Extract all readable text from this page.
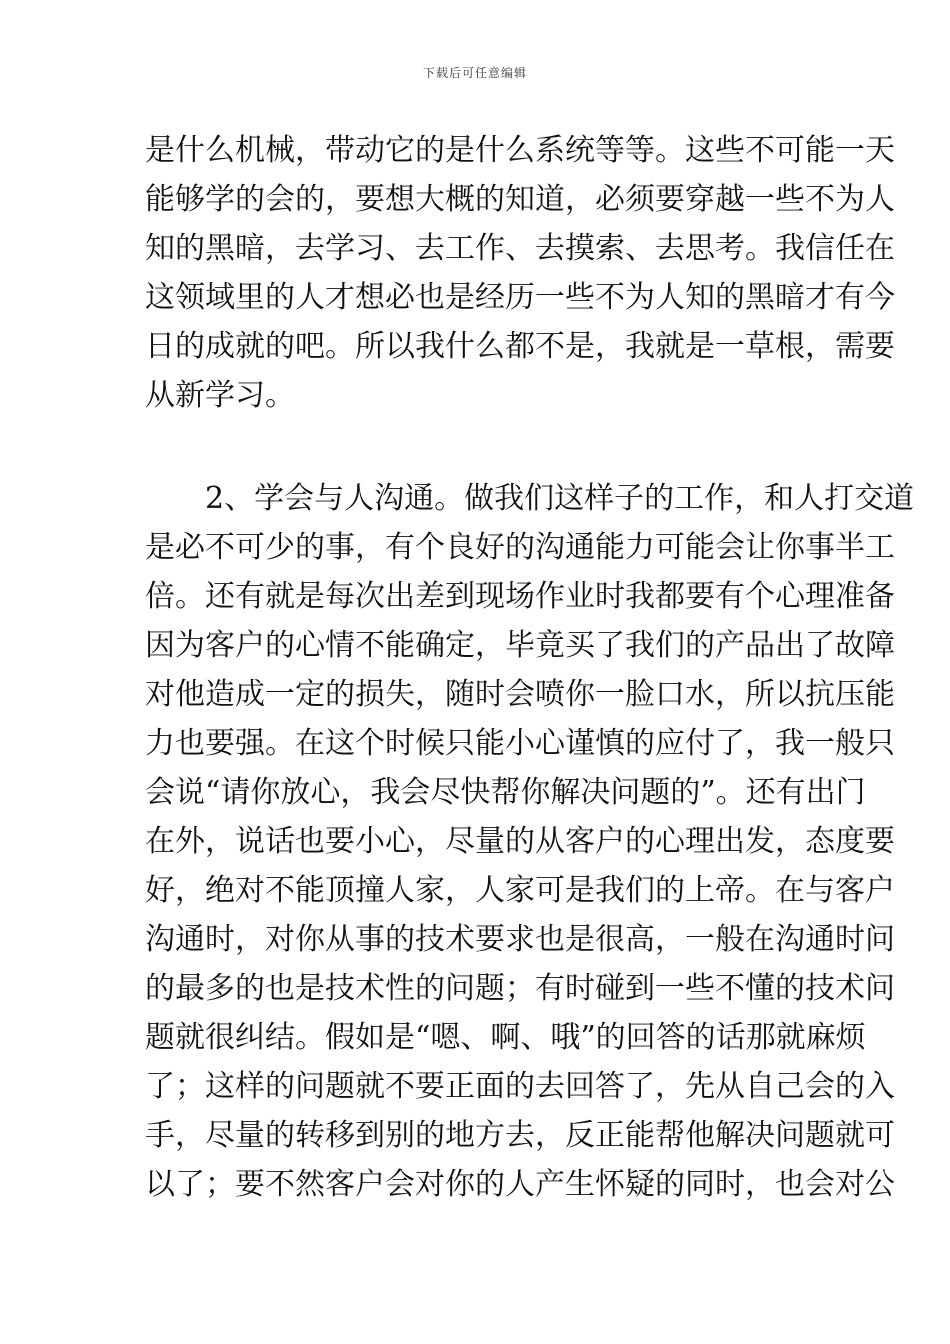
下载后可任意编辑
是什么机械，带动它的是什么系统等等。这些不可能一天
能够学的会的，要想大概的知道，必须要穿越一些不为人
知的黑暗，去学习、去工作、去摸索、去思考。我信任在
这领域里的人才想必也是经历一些不为人知的黑暗才有今
日的成就的吧。所以我什么都不是，我就是一草根，需要
从新学习。
2、学会与人沟通。做我们这样子的工作，和人打交道
是必不可少的事，有个良好的沟通能力可能会让你事半工
倍。还有就是每次出差到现场作业时我都要有个心理准备
因为客户的心情不能确定，毕竟买了我们的产品出了故障
对他造成一定的损失，随时会喷你一脸口水，所以抗压能
力也要强。在这个时候只能小心谨慎的应付了，我一般只
会说“请你放心，我会尽快帮你解决问题的”。还有出门
在外，说话也要小心，尽量的从客户的心理出发，态度要
好，绝对不能顶撞人家，人家可是我们的上帝。在与客户
沟通时，对你从事的技术要求也是很高，一般在沟通时问
的最多的也是技术性的问题；有时碰到一些不懂的技术问
题就很纠结。假如是“嗯、啊、哦”的回答的话那就麻烦
了；这样的问题就不要正面的去回答了，先从自己会的入
手，尽量的转移到别的地方去，反正能帮他解决问题就可
以了；要不然客户会对你的人产生怀疑的同时，也会对公
